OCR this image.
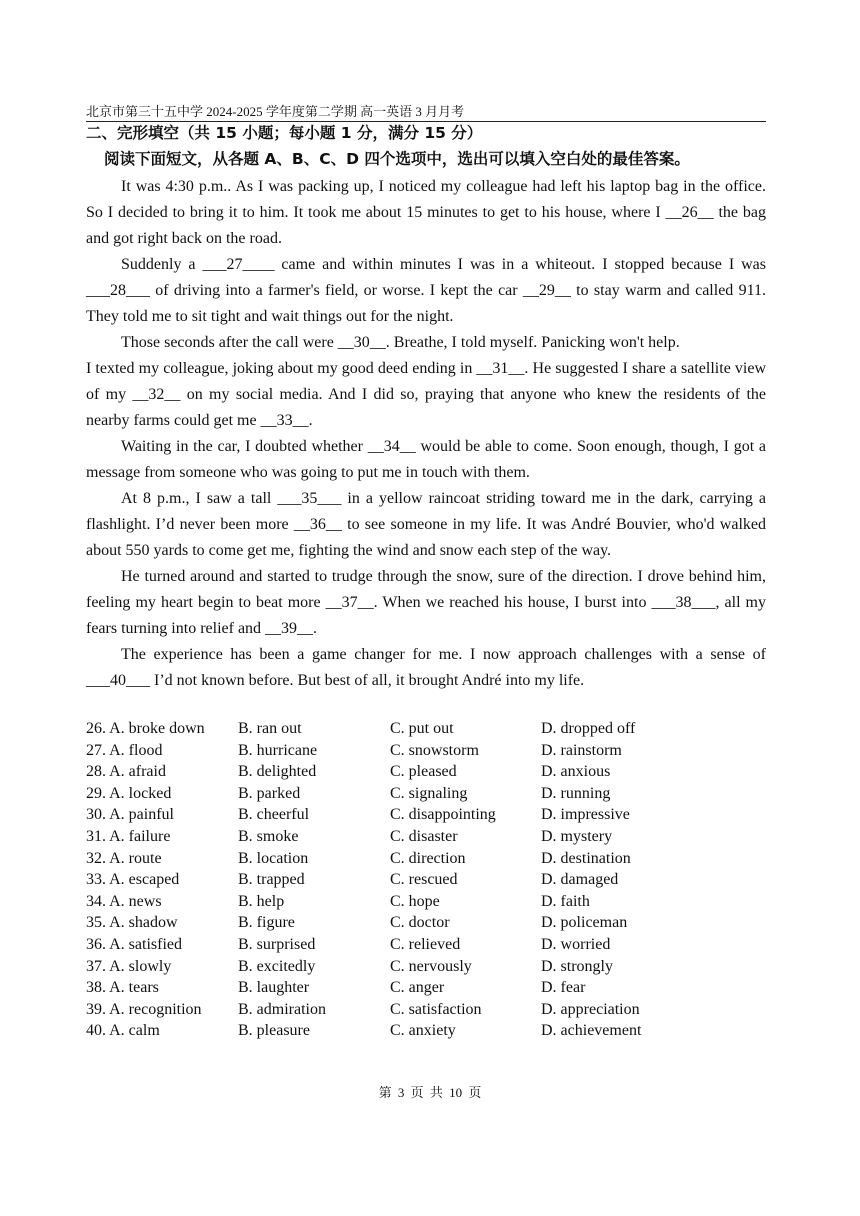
北京市第三十五中学 2024-2025 学年度第二学期 高一英语 3 月月考
二、完形填空（共 15 小题；每小题 1 分，满分 15 分）
阅读下面短文，从各题 A、B、C、D 四个选项中，选出可以填入空白处的最佳答案。

It was 4:30 p.m.. As I was packing up, I noticed my colleague had left his laptop bag in the office. So I decided to bring it to him. It took me about 15 minutes to get to his house, where I __26__ the bag and got right back on the road.

Suddenly a ___27____ came and within minutes I was in a whiteout. I stopped because I was ___28___ of driving into a farmer's field, or worse. I kept the car __29__ to stay warm and called 911. They told me to sit tight and wait things out for the night.

Those seconds after the call were __30__. Breathe, I told myself. Panicking won't help.

I texted my colleague, joking about my good deed ending in __31__. He suggested I share a satellite view of my __32__ on my social media. And I did so, praying that anyone who knew the residents of the nearby farms could get me __33__.

Waiting in the car, I doubted whether __34__ would be able to come. Soon enough, though, I got a message from someone who was going to put me in touch with them.

At 8 p.m., I saw a tall ___35___ in a yellow raincoat striding toward me in the dark, carrying a flashlight. I’d never been more __36__ to see someone in my life. It was André Bouvier, who'd walked about 550 yards to come get me, fighting the wind and snow each step of the way.

He turned around and started to trudge through the snow, sure of the direction. I drove behind him, feeling my heart begin to beat more __37__. When we reached his house, I burst into ___38___, all my fears turning into relief and __39__.

The experience has been a game changer for me. I now approach challenges with a sense of ___40___ I’d not known before. But best of all, it brought André into my life.

26. A. broke down	B. ran out	C. put out	D. dropped off
27. A. flood	B. hurricane	C. snowstorm	D. rainstorm
28. A. afraid	B. delighted	C. pleased	D. anxious
29. A. locked	B. parked	C. signaling	D. running
30. A. painful	B. cheerful	C. disappointing	D. impressive
31. A. failure	B. smoke	C. disaster	D. mystery
32. A. route	B. location	C. direction	D. destination
33. A. escaped	B. trapped	C. rescued	D. damaged
34. A. news	B. help	C. hope	D. faith
35. A. shadow	B. figure	C. doctor	D. policeman
36. A. satisfied	B. surprised	C. relieved	D. worried
37. A. slowly	B. excitedly	C. nervously	D. strongly
38. A. tears	B. laughter	C. anger	D. fear
39. A. recognition	B. admiration	C. satisfaction	D. appreciation
40. A. calm	B. pleasure	C. anxiety	D. achievement
第 3 页 共 10 页
